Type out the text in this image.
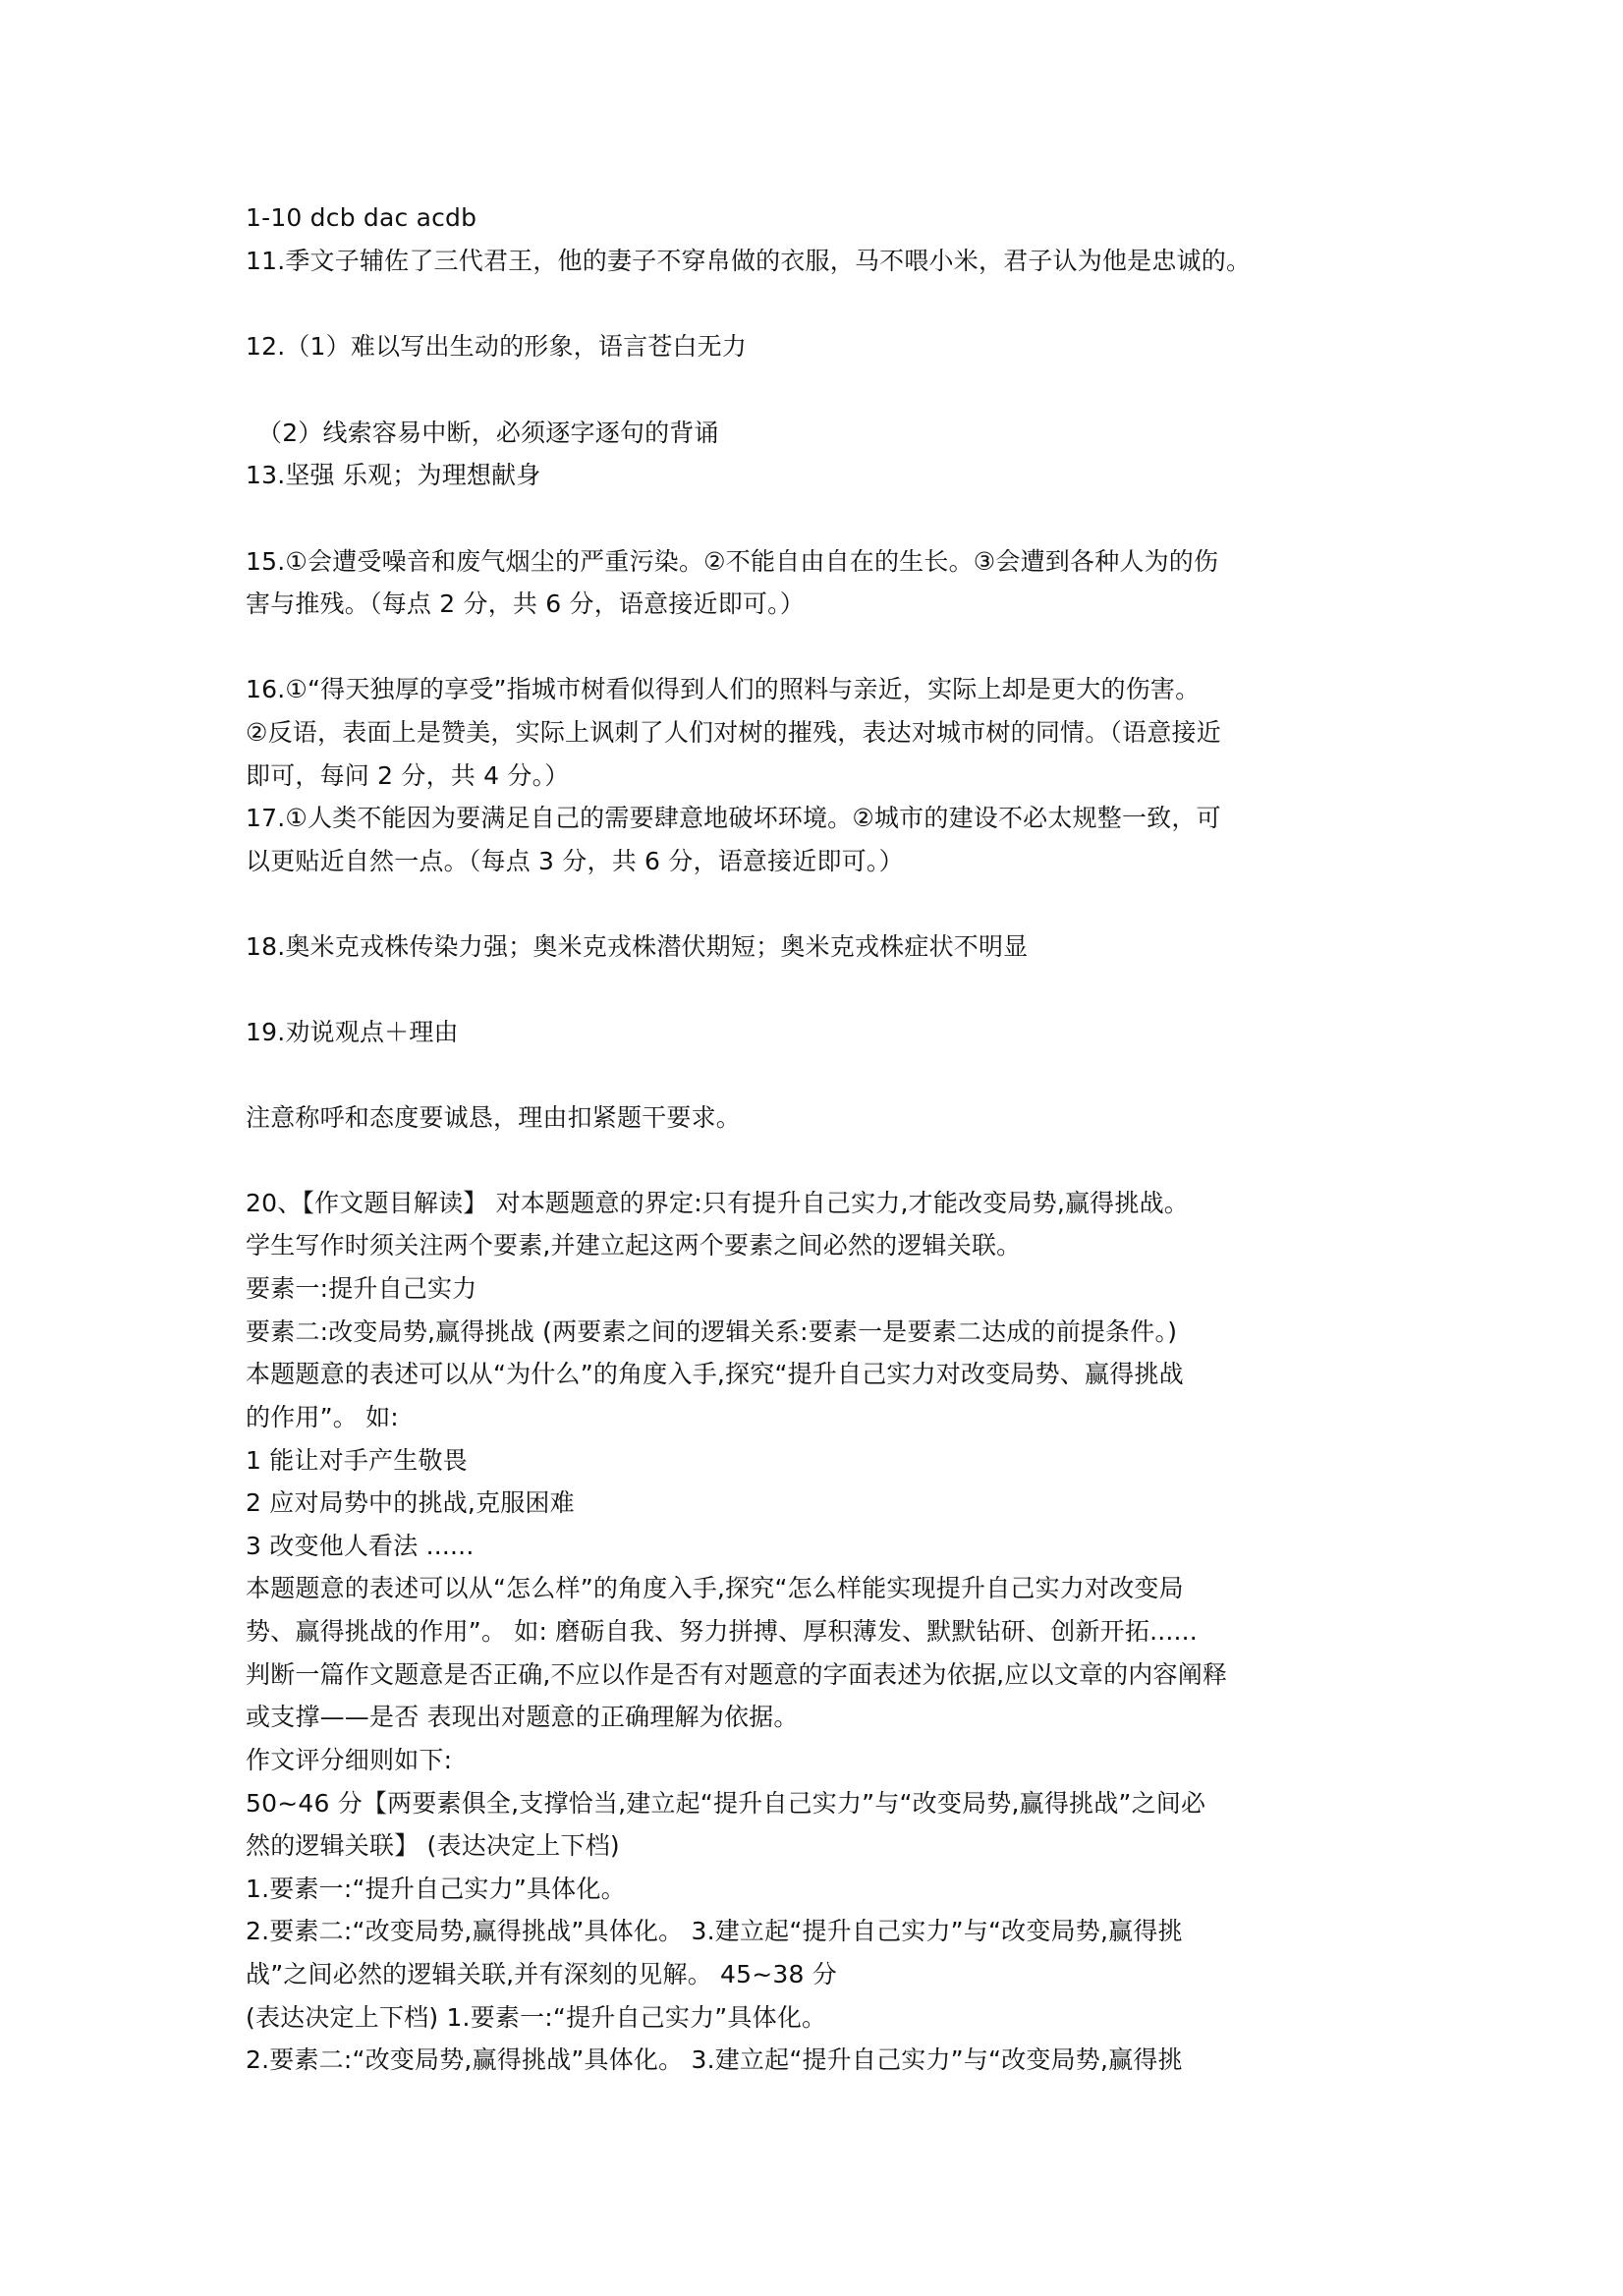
1-10 dcb dac acdb
11.季文子辅佐了三代君王，他的妻子不穿帛做的衣服，马不喂小米，君子认为他是忠诚的。
12.（1）难以写出生动的形象，语言苍白无力
（2）线索容易中断，必须逐字逐句的背诵
13.坚强 乐观；为理想献身
15.①会遭受噪音和废气烟尘的严重污染。②不能自由自在的生长。③会遭到各种人为的伤
害与推残。（每点 2 分，共 6 分，语意接近即可。）
16.①“得天独厚的享受”指城市树看似得到人们的照料与亲近，实际上却是更大的伤害。
②反语，表面上是赞美，实际上讽刺了人们对树的摧残，表达对城市树的同情。（语意接近
即可，每问 2 分，共 4 分。）
17.①人类不能因为要满足自己的需要肆意地破坏环境。②城市的建设不必太规整一致，可
以更贴近自然一点。（每点 3 分，共 6 分，语意接近即可。）
18.奥米克戎株传染力强；奥米克戎株潜伏期短；奥米克戎株症状不明显
19.劝说观点＋理由
注意称呼和态度要诚恳，理由扣紧题干要求。
20、【作文题目解读】 对本题题意的界定:只有提升自己实力,才能改变局势,赢得挑战。
学生写作时须关注两个要素,并建立起这两个要素之间必然的逻辑关联。
要素一:提升自己实力
要素二:改变局势,赢得挑战 (两要素之间的逻辑关系:要素一是要素二达成的前提条件。)
本题题意的表述可以从“为什么”的角度入手,探究“提升自己实力对改变局势、赢得挑战
的作用”。 如:
1 能让对手产生敬畏
2 应对局势中的挑战,克服困难
3 改变他人看法 ......
本题题意的表述可以从“怎么样”的角度入手,探究“怎么样能实现提升自己实力对改变局
势、赢得挑战的作用”。 如: 磨砺自我、努力拼搏、厚积薄发、默默钻研、创新开拓......
判断一篇作文题意是否正确,不应以作是否有对题意的字面表述为依据,应以文章的内容阐释
或支撑——是否 表现出对题意的正确理解为依据。
作文评分细则如下:
50~46 分【两要素俱全,支撑恰当,建立起“提升自己实力”与“改变局势,赢得挑战”之间必
然的逻辑关联】 (表达决定上下档)
1.要素一:“提升自己实力”具体化。
2.要素二:“改变局势,赢得挑战”具体化。 3.建立起“提升自己实力”与“改变局势,赢得挑
战”之间必然的逻辑关联,并有深刻的见解。 45~38 分
(表达决定上下档) 1.要素一:“提升自己实力”具体化。
2.要素二:“改变局势,赢得挑战”具体化。 3.建立起“提升自己实力”与“改变局势,赢得挑
